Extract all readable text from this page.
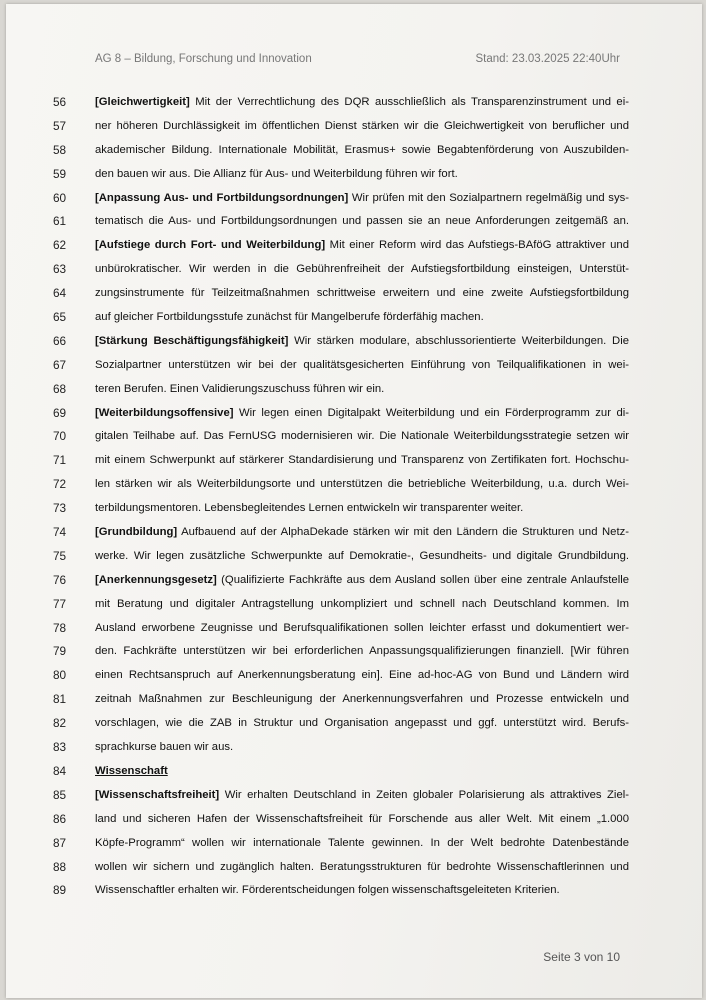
AG 8 – Bildung, Forschung und Innovation	Stand: 23.03.2025 22:40Uhr
56	[Gleichwertigkeit] Mit der Verrechtlichung des DQR ausschließlich als Transparenzinstrument und ei-
57	ner höheren Durchlässigkeit im öffentlichen Dienst stärken wir die Gleichwertigkeit von beruflicher und
58	akademischer Bildung. Internationale Mobilität, Erasmus+ sowie Begabtenförderung von Auszubilden-
59	den bauen wir aus. Die Allianz für Aus- und Weiterbildung führen wir fort.
60	[Anpassung Aus- und Fortbildungsordnungen] Wir prüfen mit den Sozialpartnern regelmäßig und sys-
61	tematisch die Aus- und Fortbildungsordnungen und passen sie an neue Anforderungen zeitgemäß an.
62	[Aufstiege durch Fort- und Weiterbildung] Mit einer Reform wird das Aufstiegs-BAföG attraktiver und
63	unbürokratischer. Wir werden in die Gebührenfreiheit der Aufstiegsfortbildung einsteigen, Unterstüt-
64	zungsinstrumente für Teilzeitmaßnahmen schrittweise erweitern und eine zweite Aufstiegsfortbildung
65	auf gleicher Fortbildungsstufe zunächst für Mangelberufe förderfähig machen.
66	[Stärkung Beschäftigungsfähigkeit] Wir stärken modulare, abschlussorientierte Weiterbildungen. Die
67	Sozialpartner unterstützen wir bei der qualitätsgesicherten Einführung von Teilqualifikationen in wei-
68	teren Berufen. Einen Validierungszuschuss führen wir ein.
69	[Weiterbildungsoffensive] Wir legen einen Digitalpakt Weiterbildung und ein Förderprogramm zur di-
70	gitalen Teilhabe auf. Das FernUSG modernisieren wir. Die Nationale Weiterbildungsstrategie setzen wir
71	mit einem Schwerpunkt auf stärkerer Standardisierung und Transparenz von Zertifikaten fort. Hochschu-
72	len stärken wir als Weiterbildungsorte und unterstützen die betriebliche Weiterbildung, u.a. durch Wei-
73	terbildungsmentoren. Lebensbegleitendes Lernen entwickeln wir transparenter weiter.
74	[Grundbildung] Aufbauend auf der AlphaDekade stärken wir mit den Ländern die Strukturen und Netz-
75	werke. Wir legen zusätzliche Schwerpunkte auf Demokratie-, Gesundheits- und digitale Grundbildung.
76	[Anerkennungsgesetz] (Qualifizierte Fachkräfte aus dem Ausland sollen über eine zentrale Anlaufstelle
77	mit Beratung und digitaler Antragstellung unkompliziert und schnell nach Deutschland kommen. Im
78	Ausland erworbene Zeugnisse und Berufsqualifikationen sollen leichter erfasst und dokumentiert wer-
79	den. Fachkräfte unterstützen wir bei erforderlichen Anpassungsqualifizierungen finanziell. [Wir führen
80	einen Rechtsanspruch auf Anerkennungsberatung ein]. Eine ad-hoc-AG von Bund und Ländern wird
81	zeitnah Maßnahmen zur Beschleunigung der Anerkennungsverfahren und Prozesse entwickeln und
82	vorschlagen, wie die ZAB in Struktur und Organisation angepasst und ggf. unterstützt wird. Berufs-
83	sprachkurse bauen wir aus.
84	Wissenschaft
85	[Wissenschaftsfreiheit] Wir erhalten Deutschland in Zeiten globaler Polarisierung als attraktives Ziel-
86	land und sicheren Hafen der Wissenschaftsfreiheit für Forschende aus aller Welt. Mit einem „1.000
87	Köpfe-Programm“ wollen wir internationale Talente gewinnen. In der Welt bedrohte Datenbestände
88	wollen wir sichern und zugänglich halten. Beratungsstrukturen für bedrohte Wissenschaftlerinnen und
89	Wissenschaftler erhalten wir. Förderentscheidungen folgen wissenschaftsgeleiteten Kriterien.
Seite 3 von 10
